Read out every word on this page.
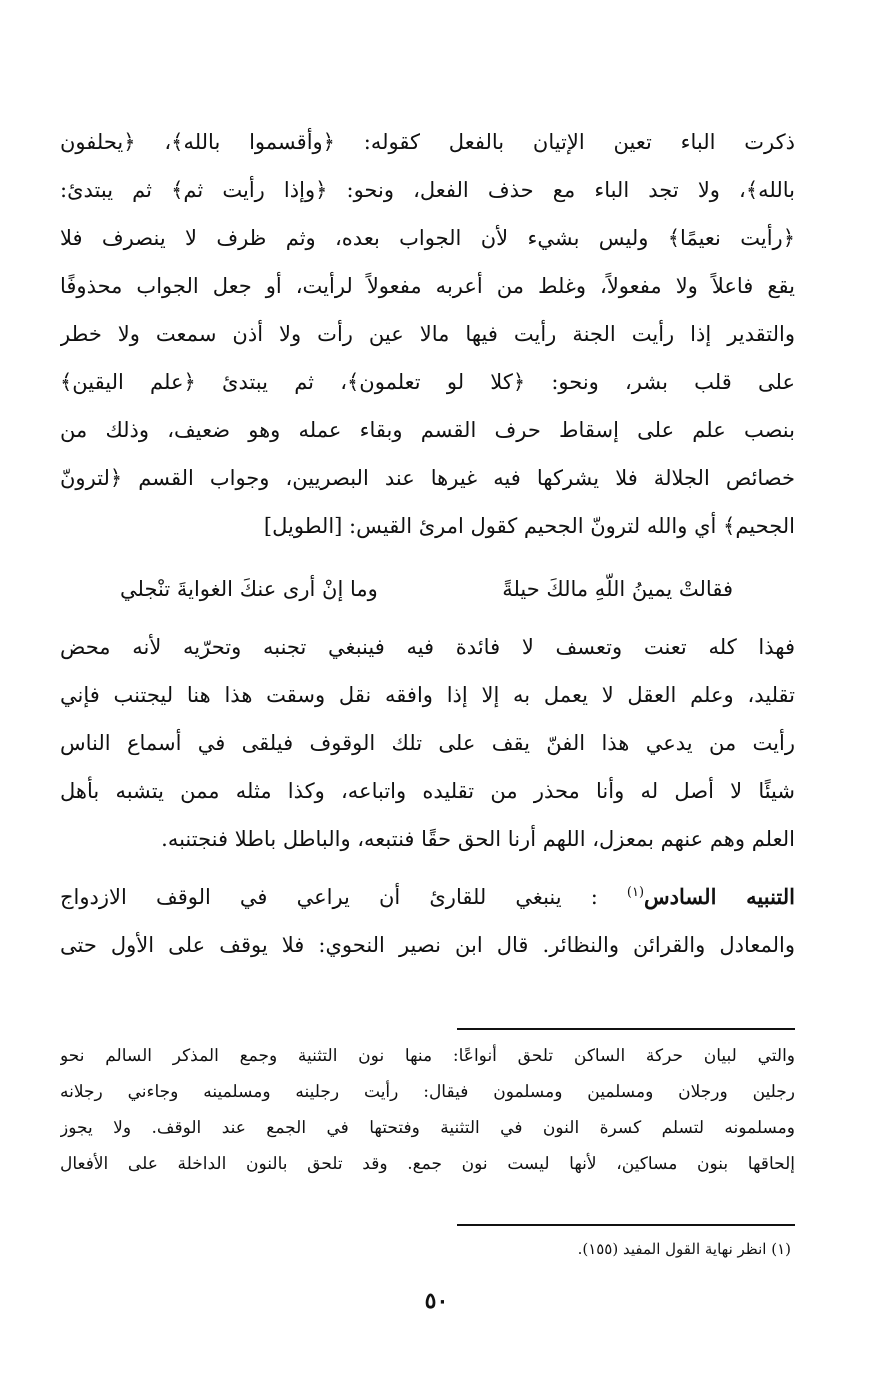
ذكرت الباء تعين الإتيان بالفعل كقوله: ﴿وأقسموا بالله﴾، ﴿يحلفون
بالله﴾، ولا تجد الباء مع حذف الفعل، ونحو: ﴿وإذا رأيت ثم﴾ ثم يبتدئ:
﴿رأيت نعيمًا﴾ وليس بشيء لأن الجواب بعده، وثم ظرف لا ينصرف فلا
يقع فاعلاً ولا مفعولاً، وغلط من أعربه مفعولاً لرأيت، أو جعل الجواب محذوفًا
والتقدير إذا رأيت الجنة رأيت فيها مالا عين رأت ولا أذن سمعت ولا خطر
على قلب بشر، ونحو: ﴿كلا لو تعلمون﴾، ثم يبتدئ ﴿علم اليقين﴾
بنصب علم على إسقاط حرف القسم وبقاء عمله وهو ضعيف، وذلك من
خصائص الجلالة فلا يشركها فيه غيرها عند البصريين، وجواب القسم ﴿لترونّ
الجحيم﴾ أي والله لترونّ الجحيم كقول امرئ القيس: [الطويل]
فقالتْ يمينُ اللّهِ مالكَ حيلةً
وما إنْ أرى عنكَ الغوايةَ تنْجلي
فهذا كله تعنت وتعسف لا فائدة فيه فينبغي تجنبه وتحرّيه لأنه محض
تقليد، وعلم العقل لا يعمل به إلا إذا وافقه نقل وسقت هذا هنا ليجتنب فإني
رأيت من يدعي هذا الفنّ يقف على تلك الوقوف فيلقى في أسماع الناس
شيئًا لا أصل له وأنا محذر من تقليده واتباعه، وكذا مثله ممن يتشبه بأهل
العلم وهم عنهم بمعزل، اللهم أرنا الحق حقًا فنتبعه، والباطل باطلا فنجتنبه.
التنبيه السادس$^{(١)}$ : ينبغي للقارئ أن يراعي في الوقف الازدواج
والمعادل والقرائن والنظائر. قال ابن نصير النحوي: فلا يوقف على الأول حتى
والتي لبيان حركة الساكن تلحق أنواعًا: منها نون التثنية وجمع المذكر السالم نحو
رجلين ورجلان ومسلمين ومسلمون فيقال: رأيت رجلينه ومسلمينه وجاءني رجلانه
ومسلمونه لتسلم كسرة النون في التثنية وفتحتها في الجمع عند الوقف. ولا يجوز
إلحاقها بنون مساكين، لأنها ليست نون جمع. وقد تلحق بالنون الداخلة على الأفعال
(١) انظر نهاية القول المفيد (١٥٥).
٥٠
